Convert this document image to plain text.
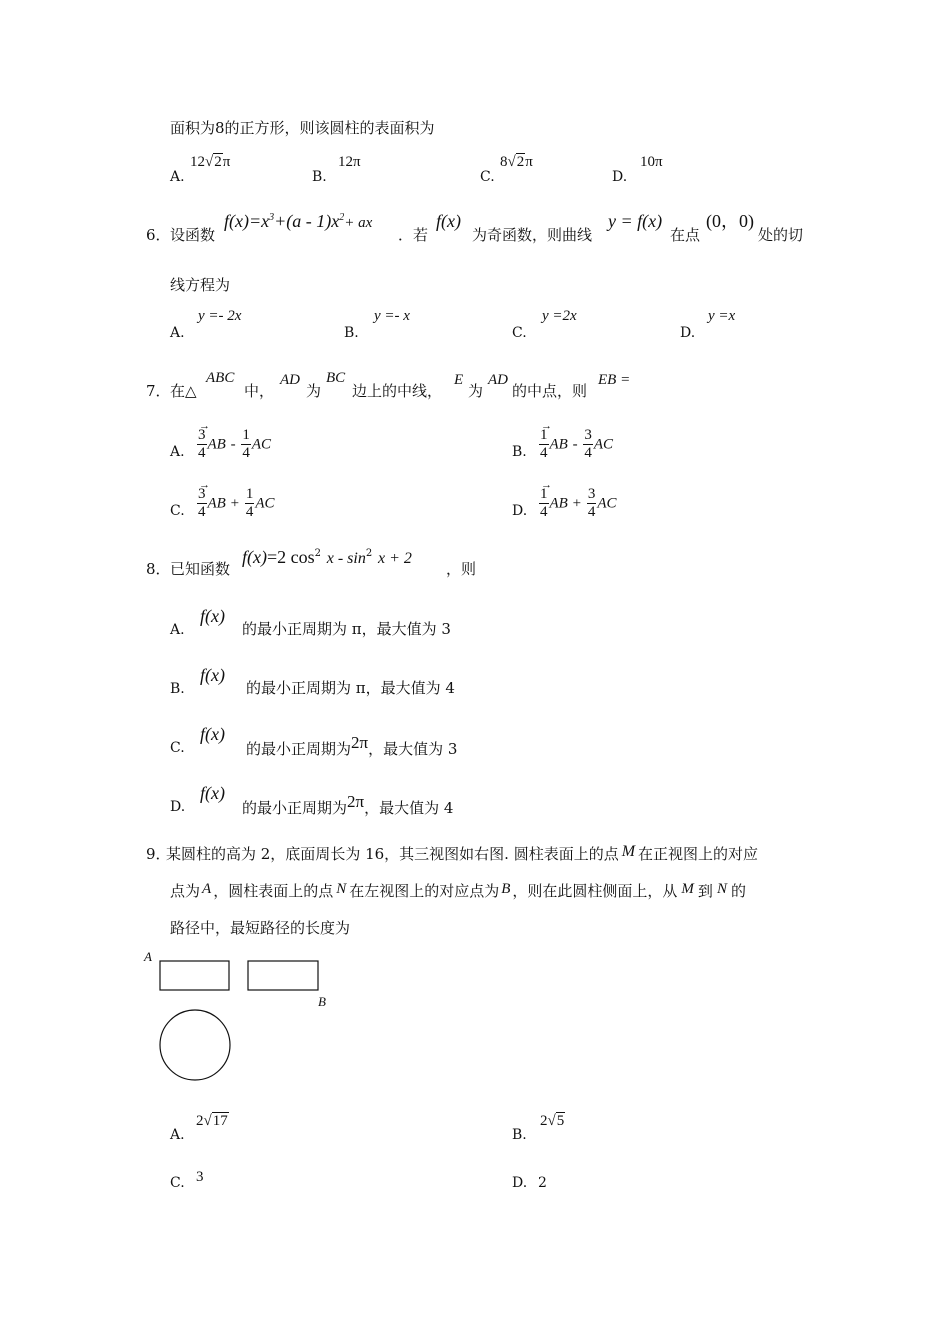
面积为8的正方形，则该圆柱的表面积为
A.
12√2π
B.
12π
C.
8√2π
D.
10π
6． 设函数
$f(x)=x^3+(a - 1)x^2+$ ax
．若
f(x)
为奇函数，则曲线
y = f(x)
在点
(0，0)
处的切
线方程为
A.
y =- 2x
B.
y =- x
C.
y =2x
D.
y =x
7． 在△
ABC
中，
AD
为
BC
边上的中线，
E
为
AD
的中点，则
EB =
A. →
3
4 AB - $\frac{1}{4}$ AC	B. →
1
4 AB - $\frac{3}{4}$ AC
C. →
3
4 AB + $\frac{1}{4}$ AC	D. →
1
4 AB + $\frac{3}{4}$ AC
8． 已知函数
f(x)=2 $\cos^2 x - \sin^2 x + 2$
，则
A.
f(x)
的最小正周期为 π，最大值为 3
B.
f(x)
的最小正周期为 π，最大值为 4
C.
f(x)
的最小正周期为2π，最大值为 3
D.
f(x)
的最小正周期为2π，最大值为 4
9．
某圆柱的高为 2，底面周长为 16，其三视图如右图. 圆柱表面上的点 M 在正视图上的对应
点为 A ，圆柱表面上的点 N 在左视图上的对应点为 B ，则在此圆柱侧面上，从 M 到 N 的
路径中，最短路径的长度为
A
B
A.
2√17
B.
2√5
C. 3	D. 2
